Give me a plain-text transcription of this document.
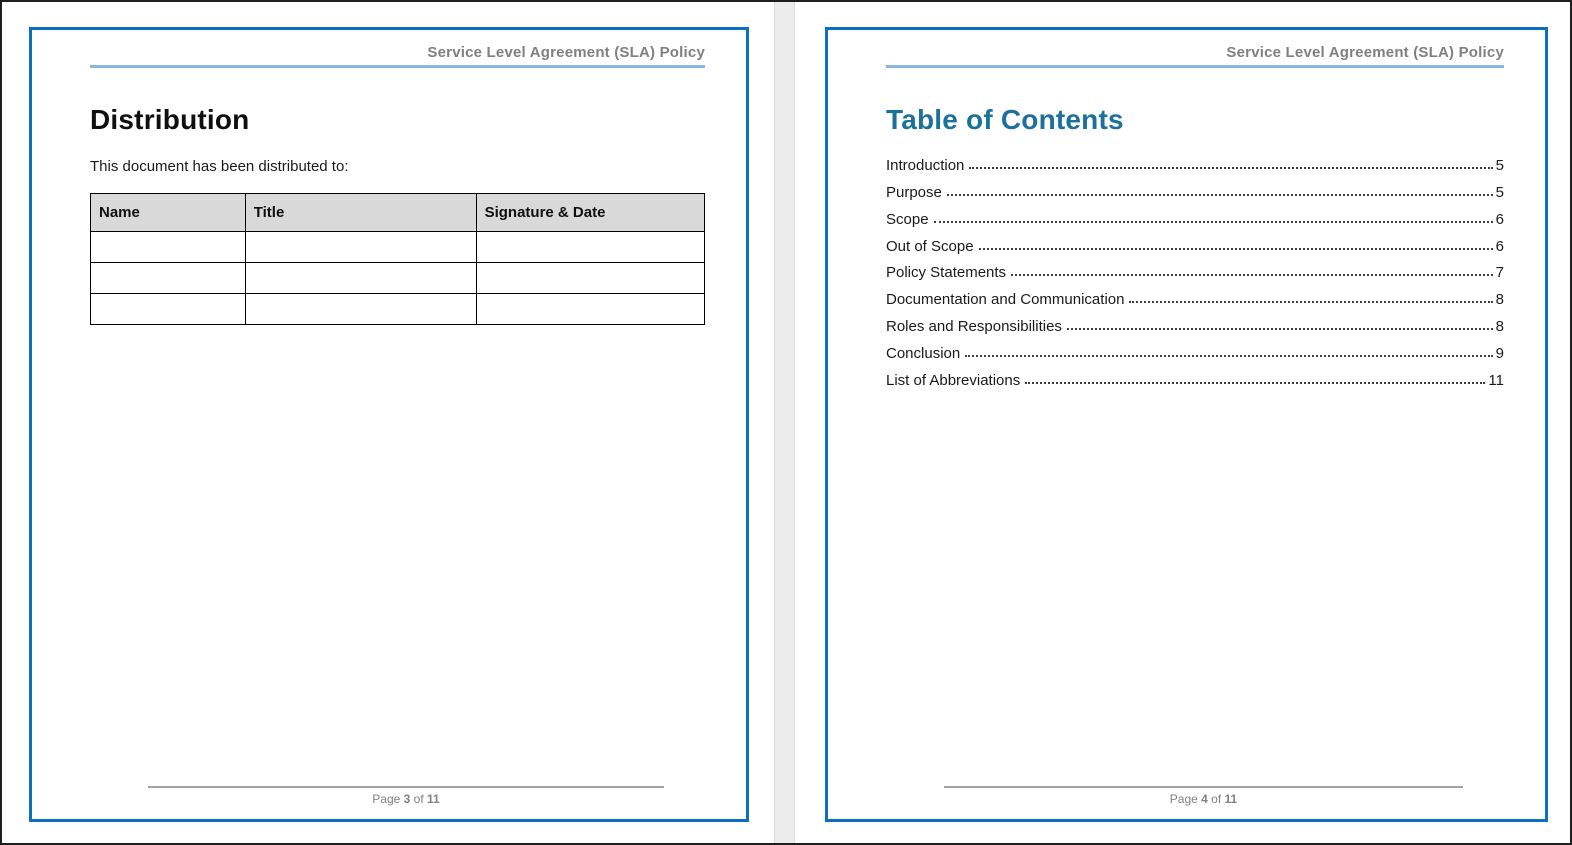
Service Level Agreement (SLA) Policy
Distribution
This document has been distributed to:
Name	Title	Signature & Date

Page 3 of 11
Service Level Agreement (SLA) Policy
Table of Contents
Introduction	5
Purpose	5
Scope	6
Out of Scope	6
Policy Statements	7
Documentation and Communication	8
Roles and Responsibilities	8
Conclusion	9
List of Abbreviations	11
Page 4 of 11
